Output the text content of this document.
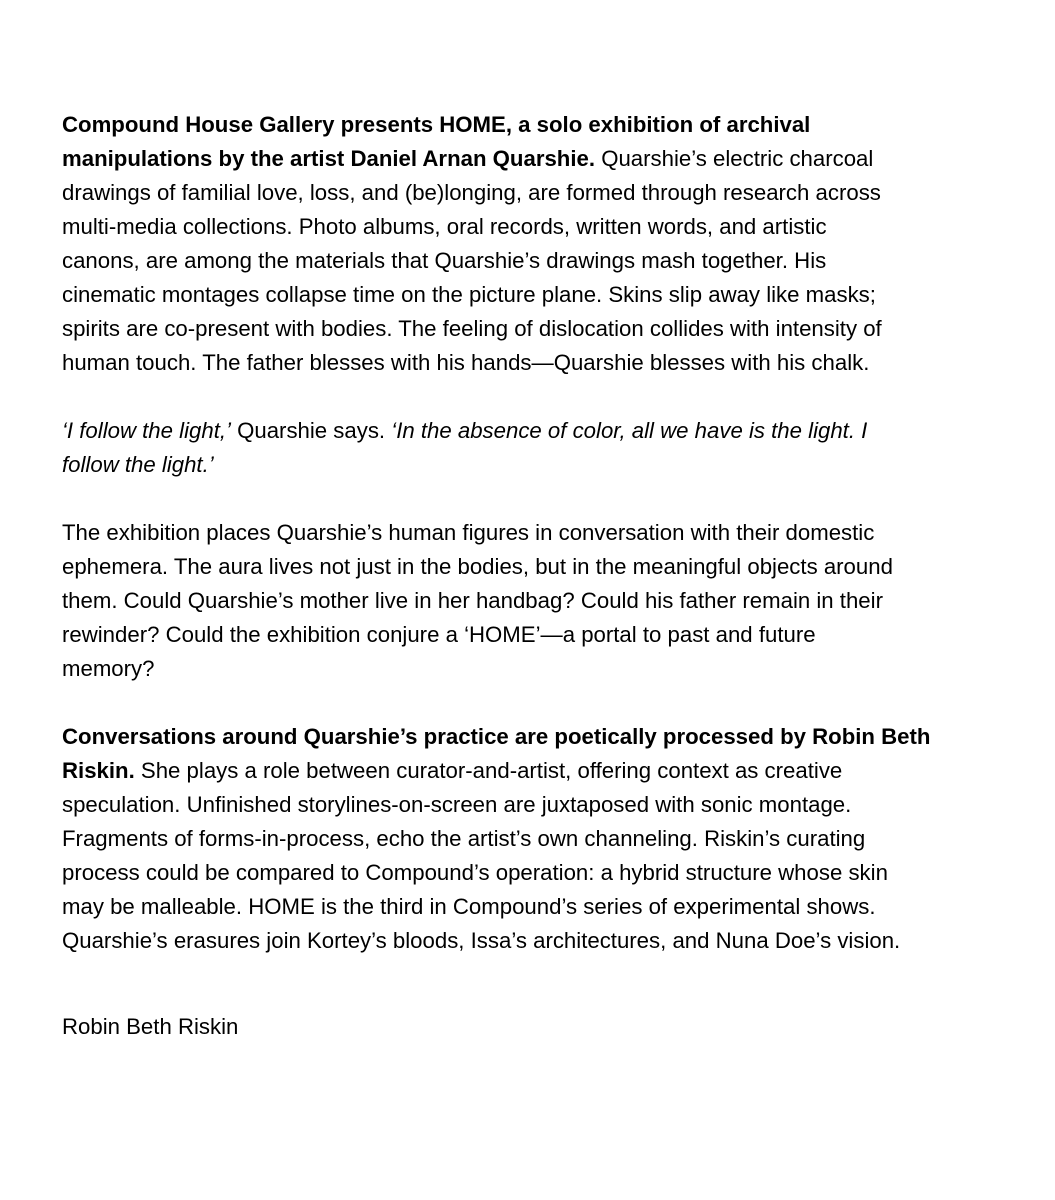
Compound House Gallery presents HOME, a solo exhibition of archival
manipulations by the artist Daniel Arnan Quarshie. Quarshie’s electric charcoal
drawings of familial love, loss, and (be)longing, are formed through research across
multi-media collections. Photo albums, oral records, written words, and artistic
canons, are among the materials that Quarshie’s drawings mash together. His
cinematic montages collapse time on the picture plane. Skins slip away like masks;
spirits are co-present with bodies. The feeling of dislocation collides with intensity of
human touch. The father blesses with his hands—Quarshie blesses with his chalk.
‘I follow the light,’ Quarshie says. ‘In the absence of color, all we have is the light. I
follow the light.’
The exhibition places Quarshie’s human figures in conversation with their domestic
ephemera. The aura lives not just in the bodies, but in the meaningful objects around
them. Could Quarshie’s mother live in her handbag? Could his father remain in their
rewinder? Could the exhibition conjure a ‘HOME’—a portal to past and future
memory?
Conversations around Quarshie’s practice are poetically processed by Robin Beth
Riskin. She plays a role between curator-and-artist, offering context as creative
speculation. Unfinished storylines-on-screen are juxtaposed with sonic montage.
Fragments of forms-in-process, echo the artist’s own channeling. Riskin’s curating
process could be compared to Compound’s operation: a hybrid structure whose skin
may be malleable. HOME is the third in Compound’s series of experimental shows.
Quarshie’s erasures join Kortey’s bloods, Issa’s architectures, and Nuna Doe’s vision.
Robin Beth Riskin
